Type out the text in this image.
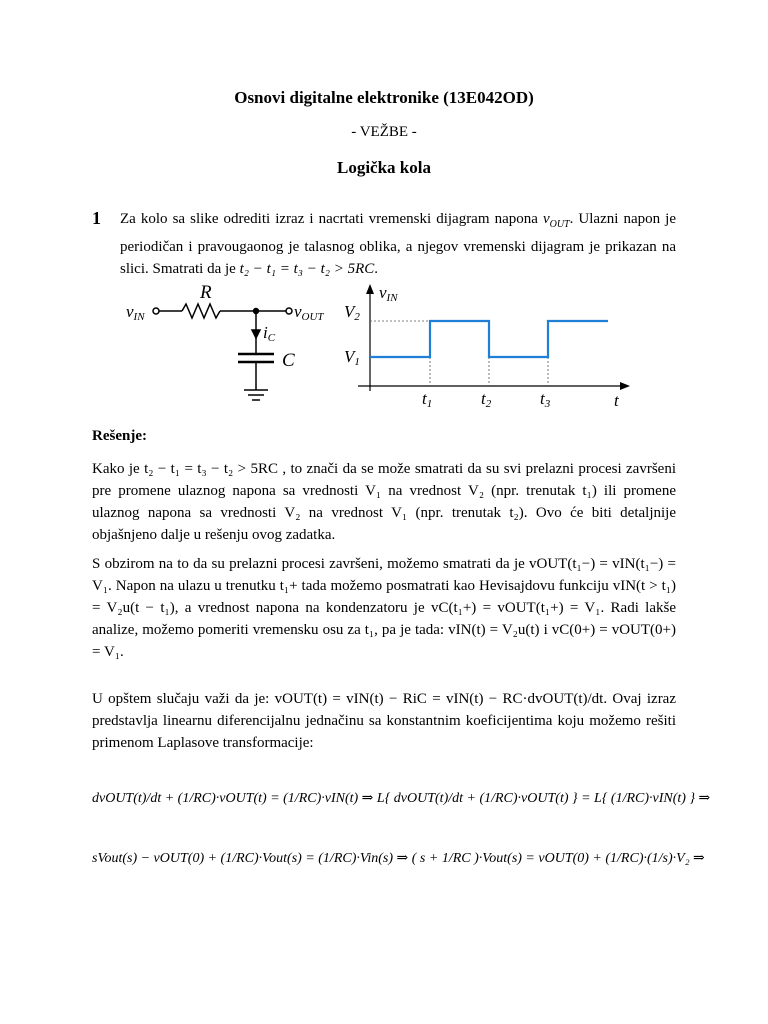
Osnovi digitalne elektronike (13E042OD)
- VEŽBE -
Logička kola
1 Za kolo sa slike odrediti izraz i nacrtati vremenski dijagram napona $v_{OUT}$. Ulazni napon je periodičan i pravougaonog je talasnog oblika, a njegov vremenski dijagram je prikazan na slici. Smatrati da je t₂ − t₁ = t₃ − t₂ > 5RC.
vIN
R
vOUT
iC
C
vIN
V2
V1
t1	t2	t3	t
Rešenje:
Kako je t₂ − t₁ = t₃ − t₂ > 5RC , to znači da se može smatrati da su svi prelazni procesi završeni pre promene ulaznog napona sa vrednosti V₁ na vrednost V₂ (npr. trenutak t₁) ili promene ulaznog napona sa vrednosti V₂ na vrednost V₁ (npr. trenutak t₂). Ovo će biti detaljnije objašnjeno dalje u rešenju ovog zadatka.
S obzirom na to da su prelazni procesi završeni, možemo smatrati da je vOUT(t₁−) = vIN(t₁−) = V₁. Napon na ulazu u trenutku t₁+ tada možemo posmatrati kao Hevisajdovu funkciju vIN(t > t₁) = V₂u(t − t₁), a vrednost napona na kondenzatoru je vC(t₁+) = vOUT(t₁+) = V₁. Radi lakše analize, možemo pomeriti vremensku osu za t₁, pa je tada: vIN(t) = V₂u(t) i vC(0+) = vOUT(0+) = V₁.
U opštem slučaju važi da je: vOUT(t) = vIN(t) − RiC = vIN(t) − RC·dvOUT(t)/dt. Ovaj izraz predstavlja linearnu diferencijalnu jednačinu sa konstantnim koeficijentima koju možemo rešiti primenom Laplasove transformacije:
dvOUT(t)/dt + (1/RC)·vOUT(t) = (1/RC)·vIN(t) ⇒ L{ dvOUT(t)/dt + (1/RC)·vOUT(t) } = L{ (1/RC)·vIN(t) } ⇒
sVout(s) − vOUT(0) + (1/RC)·Vout(s) = (1/RC)·Vin(s) ⇒ ( s + 1/RC )·Vout(s) = vOUT(0) + (1/RC)·(1/s)·V₂ ⇒
